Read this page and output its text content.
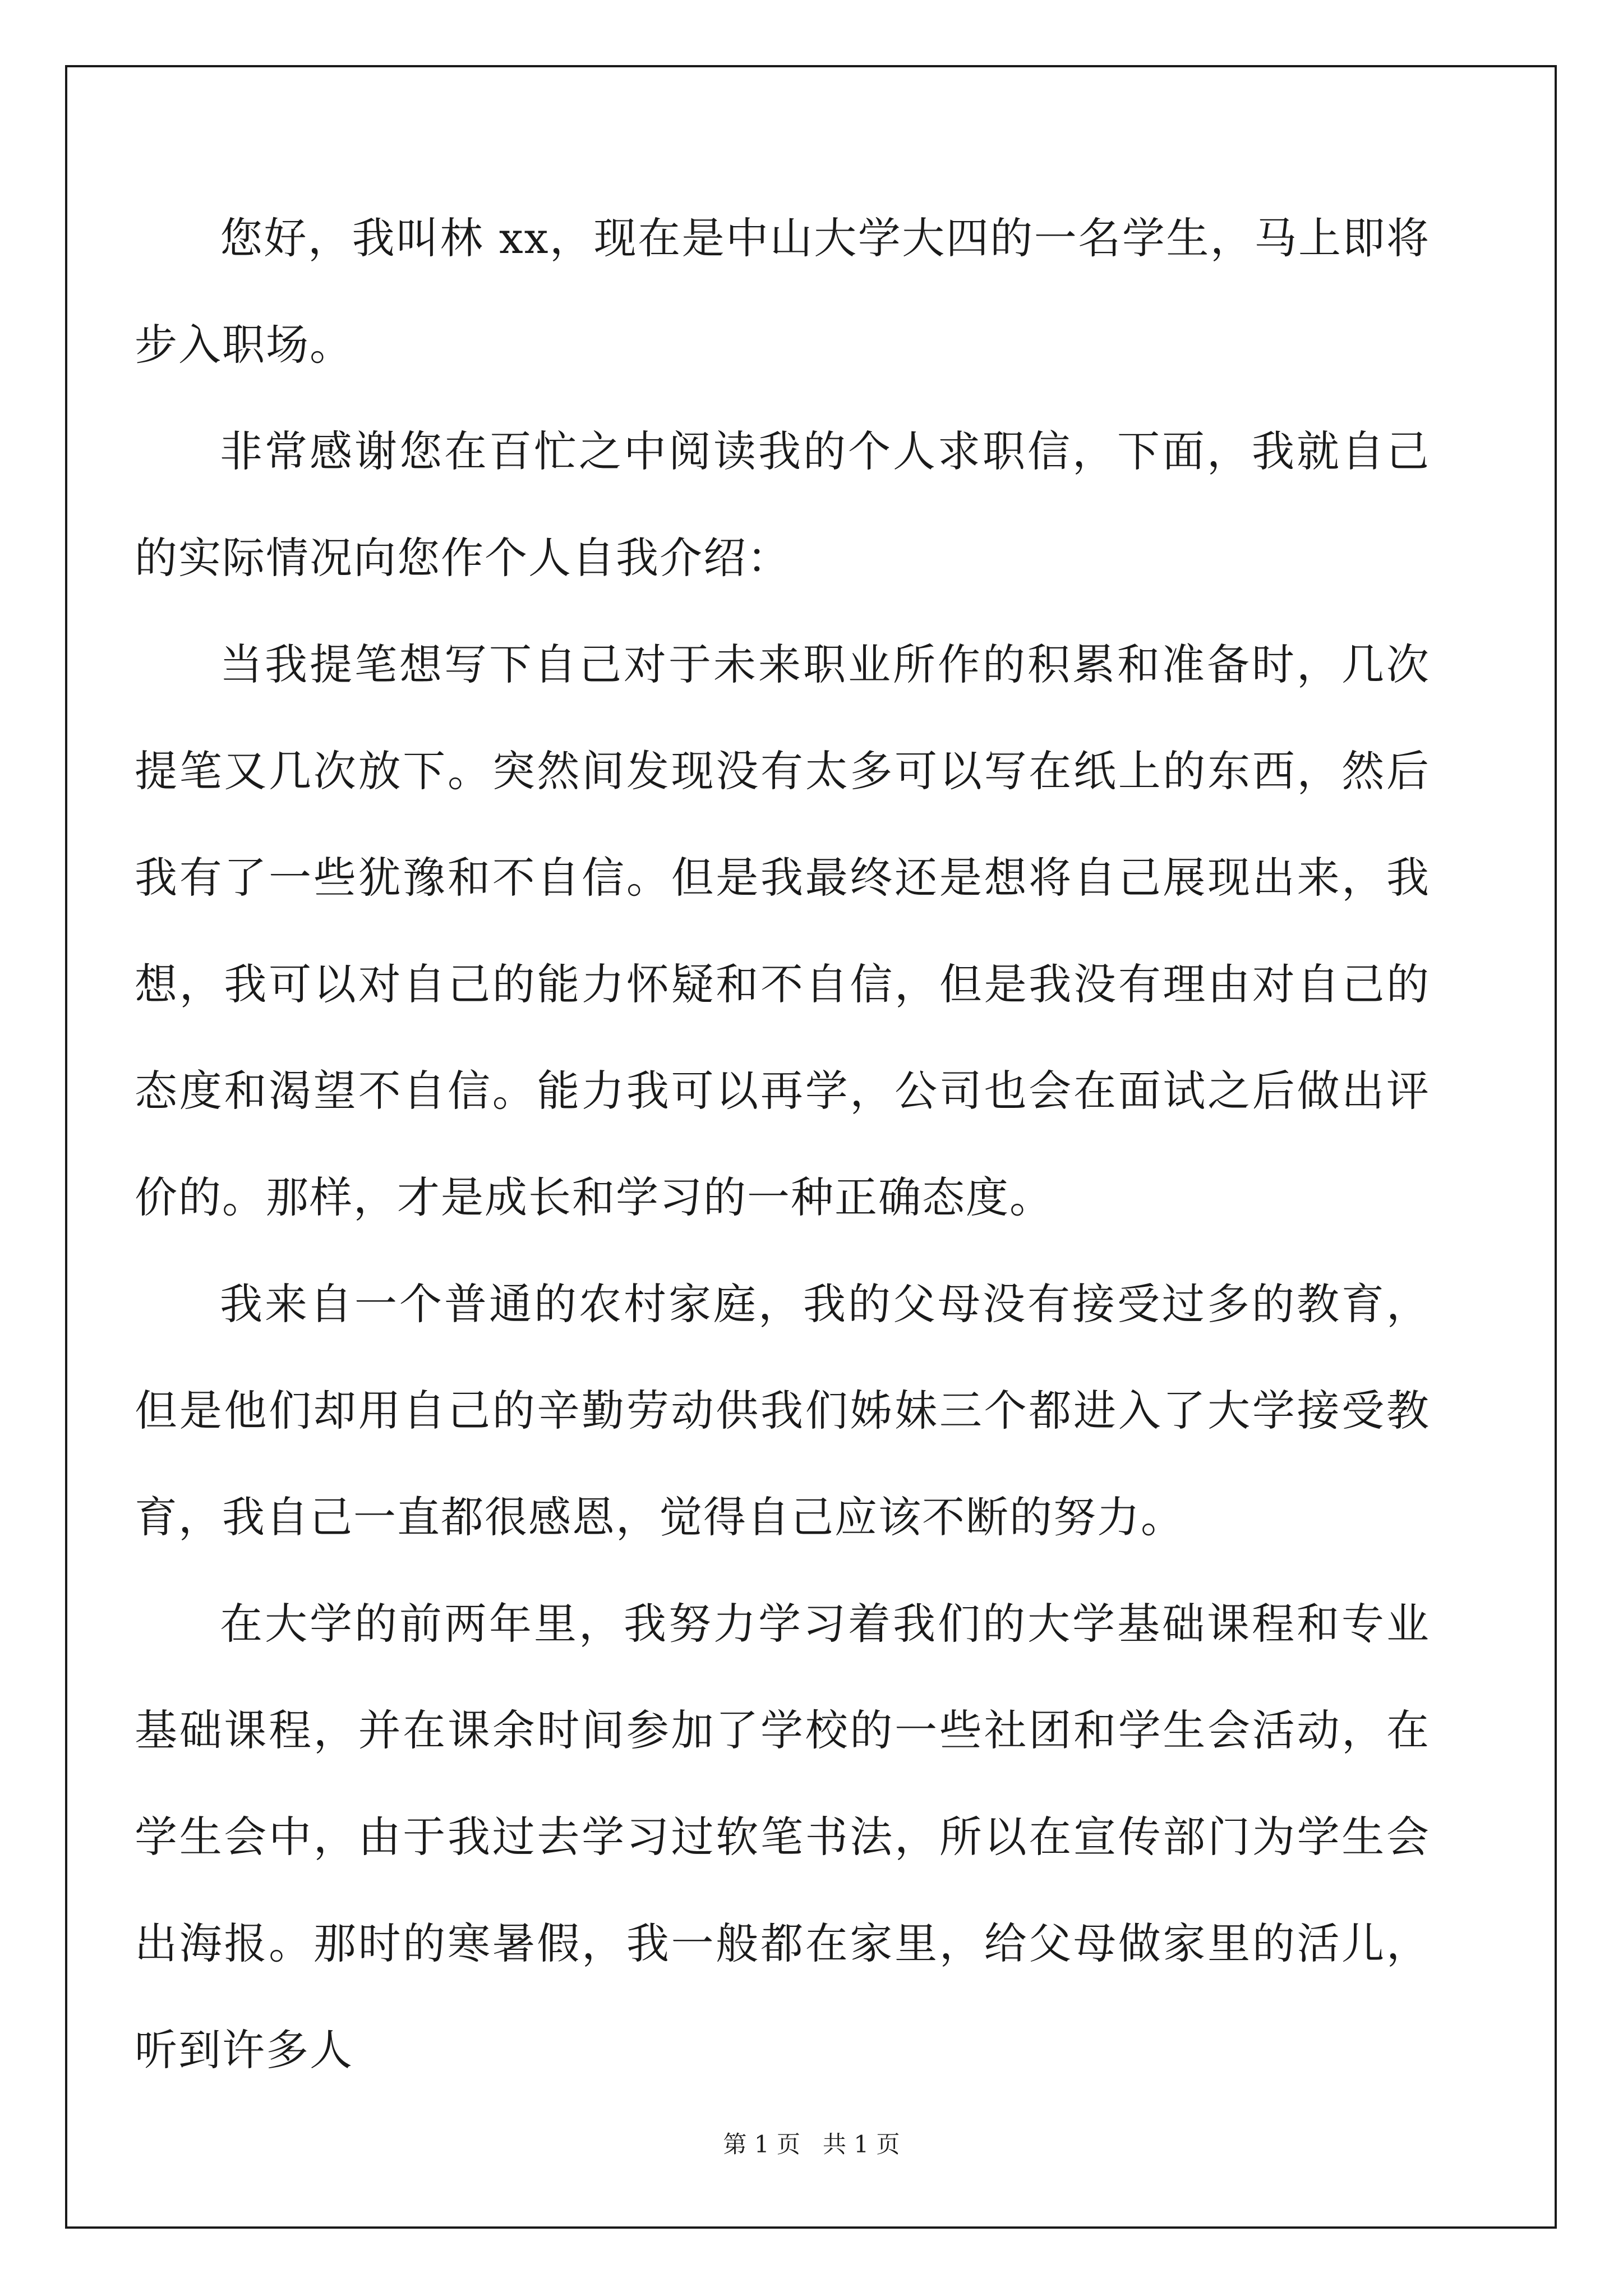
您好，我叫林 xx，现在是中山大学大四的一名学生，马上即将步入职场。

非常感谢您在百忙之中阅读我的个人求职信，下面，我就自己的实际情况向您作个人自我介绍：

当我提笔想写下自己对于未来职业所作的积累和准备时，几次提笔又几次放下。突然间发现没有太多可以写在纸上的东西，然后我有了一些犹豫和不自信。但是我最终还是想将自己展现出来，我想，我可以对自己的能力怀疑和不自信，但是我没有理由对自己的态度和渴望不自信。能力我可以再学，公司也会在面试之后做出评价的。那样，才是成长和学习的一种正确态度。

我来自一个普通的农村家庭，我的父母没有接受过多的教育，但是他们却用自己的辛勤劳动供我们姊妹三个都进入了大学接受教育，我自己一直都很感恩，觉得自己应该不断的努力。

在大学的前两年里，我努力学习着我们的大学基础课程和专业基础课程，并在课余时间参加了学校的一些社团和学生会活动，在学生会中，由于我过去学习过软笔书法，所以在宣传部门为学生会出海报。那时的寒暑假，我一般都在家里，给父母做家里的活儿，听到许多人

第 1 页 共 1 页
